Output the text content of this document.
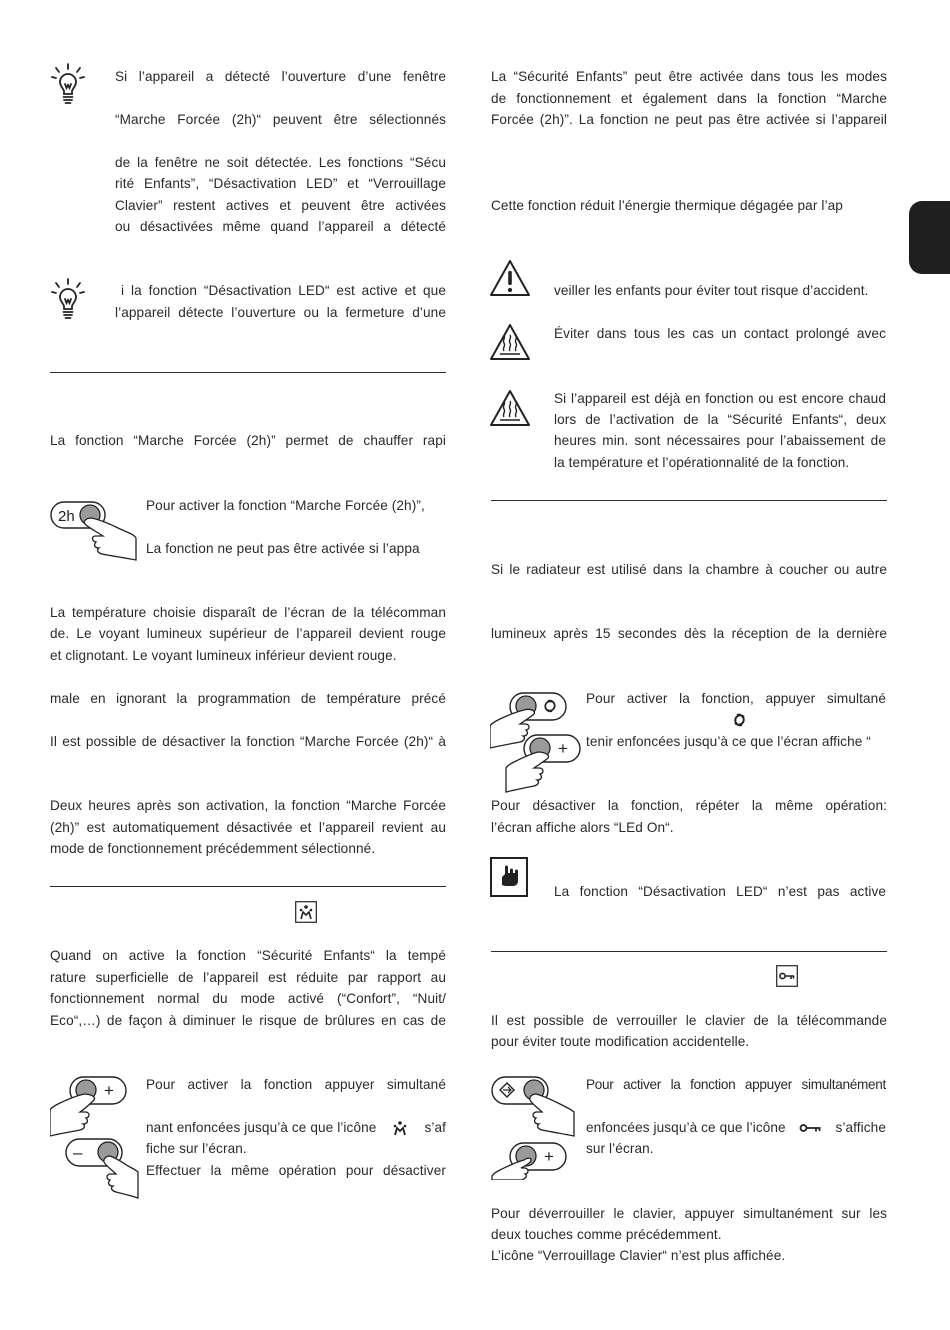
Si l’appareil a détecté l’ouverture d’une fenêtre

“Marche Forcée (2h)“ peuvent être sélectionnés

de la fenêtre ne soit détectée. Les fonctions “Sécu

rité Enfants”, “Désactivation LED” et “Verrouillage

Clavier” restent actives et peuvent être activées

ou désactivées même quand l’appareil a détecté

i la fonction “Désactivation LED“ est active et que

l’appareil détecte l’ouverture ou la fermeture d’une

La fonction “Marche Forcée (2h)” permet de chauffer rapi

2h

Pour activer la fonction “Marche Forcée (2h)”,

La fonction ne peut pas être activée si l’appa

La température choisie disparaît de l’écran de la télécomman

de. Le voyant lumineux supérieur de l’appareil devient rouge

et clignotant. Le voyant lumineux inférieur devient rouge.

male en ignorant la programmation de température précé

Il est possible de désactiver la fonction “Marche Forcée (2h)“ à

Deux heures après son activation, la fonction “Marche Forcée

(2h)” est automatiquement désactivée et l’appareil revient au

mode de fonctionnement précédemment sélectionné.

Quand on active la fonction “Sécurité Enfants“ la tempé

rature superficielle de l’appareil est réduite par rapport au

fonctionnement normal du mode activé (“Confort”, “Nuit/

Eco“,…) de façon à diminuer le risque de brûlures en cas de

+
–

Pour activer la fonction appuyer simultané

nant enfoncées jusqu’à ce que l’icône	s’af

fiche sur l’écran.

Effectuer la même opération pour désactiver

La “Sécurité Enfants” peut être activée dans tous les modes

de fonctionnement et également dans la fonction “Marche

Forcée (2h)”. La fonction ne peut pas être activée si l’appareil

Cette fonction réduit l’énergie thermique dégagée par l’ap

veiller les enfants pour éviter tout risque d’accident.

Éviter dans tous les cas un contact prolongé avec

Si l’appareil est déjà en fonction ou est encore chaud

lors de l’activation de la “Sécurité Enfants“, deux

heures min. sont nécessaires pour l’abaissement de

la température et l’opérationnalité de la fonction.

Si le radiateur est utilisé dans la chambre à coucher ou autre

lumineux après 15 secondes dès la réception de la dernière

+

Pour activer la fonction, appuyer simultané

tenir enfoncées jusqu’à ce que l’écran affiche “

Pour désactiver la fonction, répéter la même opération:

l’écran affiche alors “LEd On“.

La fonction “Désactivation LED“ n’est pas active

Il est possible de verrouiller le clavier de la télécommande

pour éviter toute modification accidentelle.

+

Pour activer la fonction appuyer simultanément

enfoncées jusqu’à ce que l’icône	s’affiche

sur l’écran.

Pour déverrouiller le clavier, appuyer simultanément sur les

deux touches comme précédemment.

L’icône “Verrouillage Clavier“ n’est plus affichée.
